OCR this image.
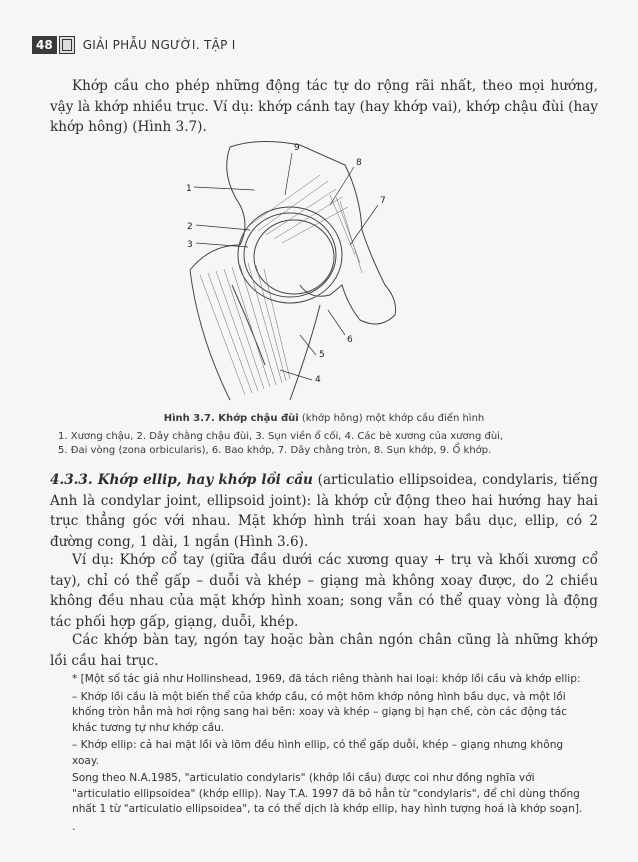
48	GIẢI PHẪU NGƯỜI. TẬP I
Khớp cầu cho phép những động tác tự do rộng rãi nhất, theo mọi hướng, vậy là khớp nhiều trục. Ví dụ: khớp cánh tay (hay khớp vai), khớp chậu đùi (hay khớp hông) (Hình 3.7).
1
2
3
4
5
6
7
8
9
Hình 3.7. Khớp chậu đùi (khớp hông) một khớp cầu điển hình
1. Xương chậu, 2. Dây chằng chậu đùi, 3. Sụn viền ổ cối, 4. Các bè xương của xương đùi,
5. Đai vòng (zona orbicularis), 6. Bao khớp, 7. Dây chằng tròn, 8. Sụn khớp, 9. Ổ khớp.
4.3.3. Khớp ellip, hay khớp lồi cầu (articulatio ellipsoidea, condylaris, tiếng Anh là condylar joint, ellipsoid joint): là khớp cử động theo hai hướng hay hai trục thẳng góc với nhau. Mặt khớp hình trái xoan hay bầu dục, ellip, có 2 đường cong, 1 dài, 1 ngắn (Hình 3.6).
Ví dụ: Khớp cổ tay (giữa đầu dưới các xương quay + trụ và khối xương cổ tay), chỉ có thể gấp – duỗi và khép – giạng mà không xoay được, do 2 chiều không đều nhau của mặt khớp hình xoan; song vẫn có thể quay vòng là động tác phối hợp gấp, giạng, duỗi, khép.
Các khớp bàn tay, ngón tay hoặc bàn chân ngón chân cũng là những khớp lồi cầu hai trục.

* [Một số tác giả như Hollinshead, 1969, đã tách riêng thành hai loại: khớp lồi cầu và khớp ellip:

– Khớp lồi cầu là một biến thể của khớp cầu, có một hõm khớp nông hình bầu dục, và một lồi khống tròn hẳn mà hơi rộng sang hai bên: xoay và khép – giạng bị hạn chế, còn các động tác khác tương tự như khớp cầu.

– Khớp ellip: cả hai mặt lồi và lõm đều hình ellip, có thể gấp duỗi, khép – giạng nhưng không xoay.

Song theo N.A.1985, "articulatio condylaris" (khớp lồi cầu) được coi như đồng nghĩa với "articulatio ellipsoidea" (khớp ellip). Nay T.A. 1997 đã bỏ hẳn từ "condylaris", để chỉ dùng thống nhất 1 từ "articulatio ellipsoidea", ta có thể dịch là khớp ellip, hay hình tượng hoá là khớp soạn].

.
